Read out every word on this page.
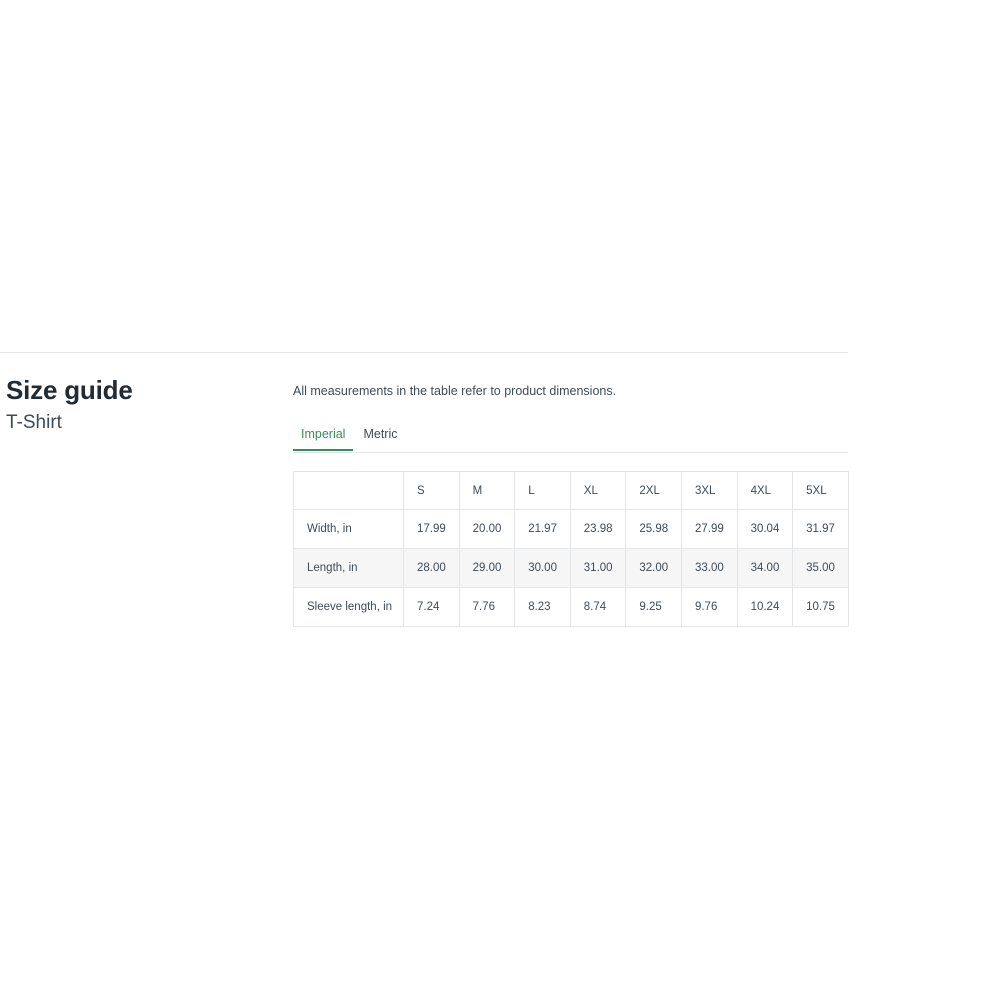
Size guide
T-Shirt

All measurements in the table refer to product dimensions.

Imperial	Metric
	S	M	L	XL	2XL	3XL	4XL	5XL
Width, in	17.99	20.00	21.97	23.98	25.98	27.99	30.04	31.97
Length, in	28.00	29.00	30.00	31.00	32.00	33.00	34.00	35.00
Sleeve length, in	7.24	7.76	8.23	8.74	9.25	9.76	10.24	10.75
